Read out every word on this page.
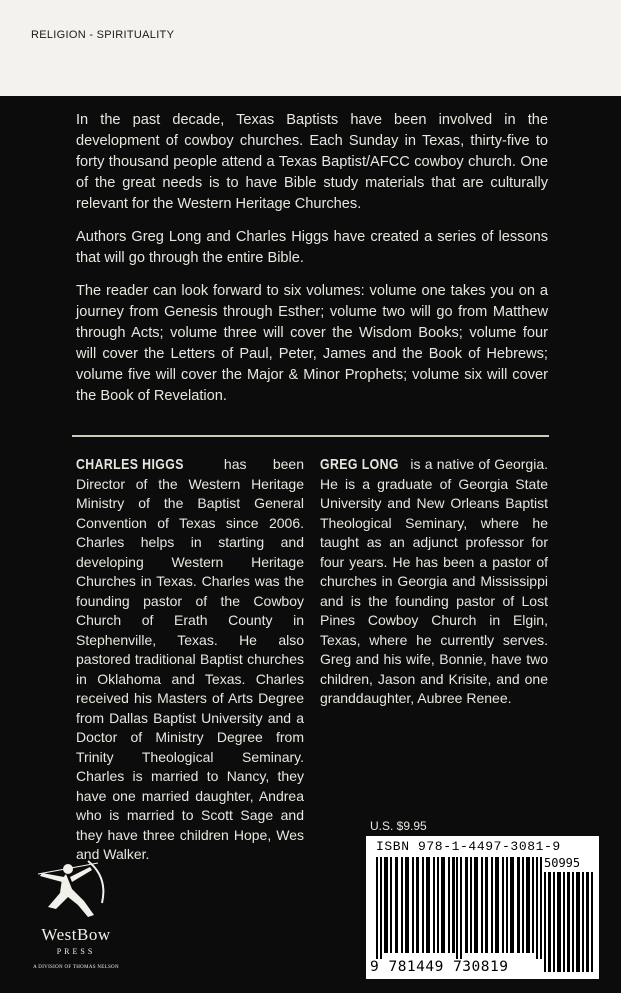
RELIGION - SPIRITUALITY

In the past decade, Texas Baptists have been involved in the development of cowboy churches. Each Sunday in Texas, thirty-five to forty thousand people attend a Texas Baptist/AFCC cowboy church. One of the great needs is to have Bible study materials that are culturally relevant for the Western Heritage Churches.

Authors Greg Long and Charles Higgs have created a series of lessons that will go through the entire Bible.

The reader can look forward to six volumes: volume one takes you on a journey from Genesis through Esther; volume two will go from Matthew through Acts; volume three will cover the Wisdom Books; volume four will cover the Letters of Paul, Peter, James and the Book of Hebrews; volume five will cover the Major & Minor Prophets; volume six will cover the Book of Revelation.

CHARLES HIGGS	has been Director of the Western Heritage Ministry of the Baptist General Convention of Texas since 2006. Charles helps in starting and developing Western Heritage Churches in Texas. Charles was the founding pastor of the Cowboy Church of Erath County in Stephenville, Texas. He also pastored traditional Baptist churches in Oklahoma and Texas. Charles received his Masters of Arts Degree from Dallas Baptist University and a Doctor of Ministry Degree from Trinity Theological Seminary. Charles is married to Nancy, they have one married daughter, Andrea who is married to Scott Sage and they have three children Hope, Wes and Walker.
GREG LONG is a native of Georgia. He is a graduate of Georgia State University and New Orleans Baptist Theological Seminary, where he taught as an adjunct professor for four years. He has been a pastor of churches in Georgia and Mississippi and is the founding pastor of Lost Pines Cowboy Church in Elgin, Texas, where he currently serves. Greg and his wife, Bonnie, have two children, Jason and Krisite, and one granddaughter, Aubree Renee.
WestBow
PRESS
A DIVISION OF THOMAS NELSON
U.S. $9.95
ISBN 978-1-4497-3081-9
9 781449 730819
50995
